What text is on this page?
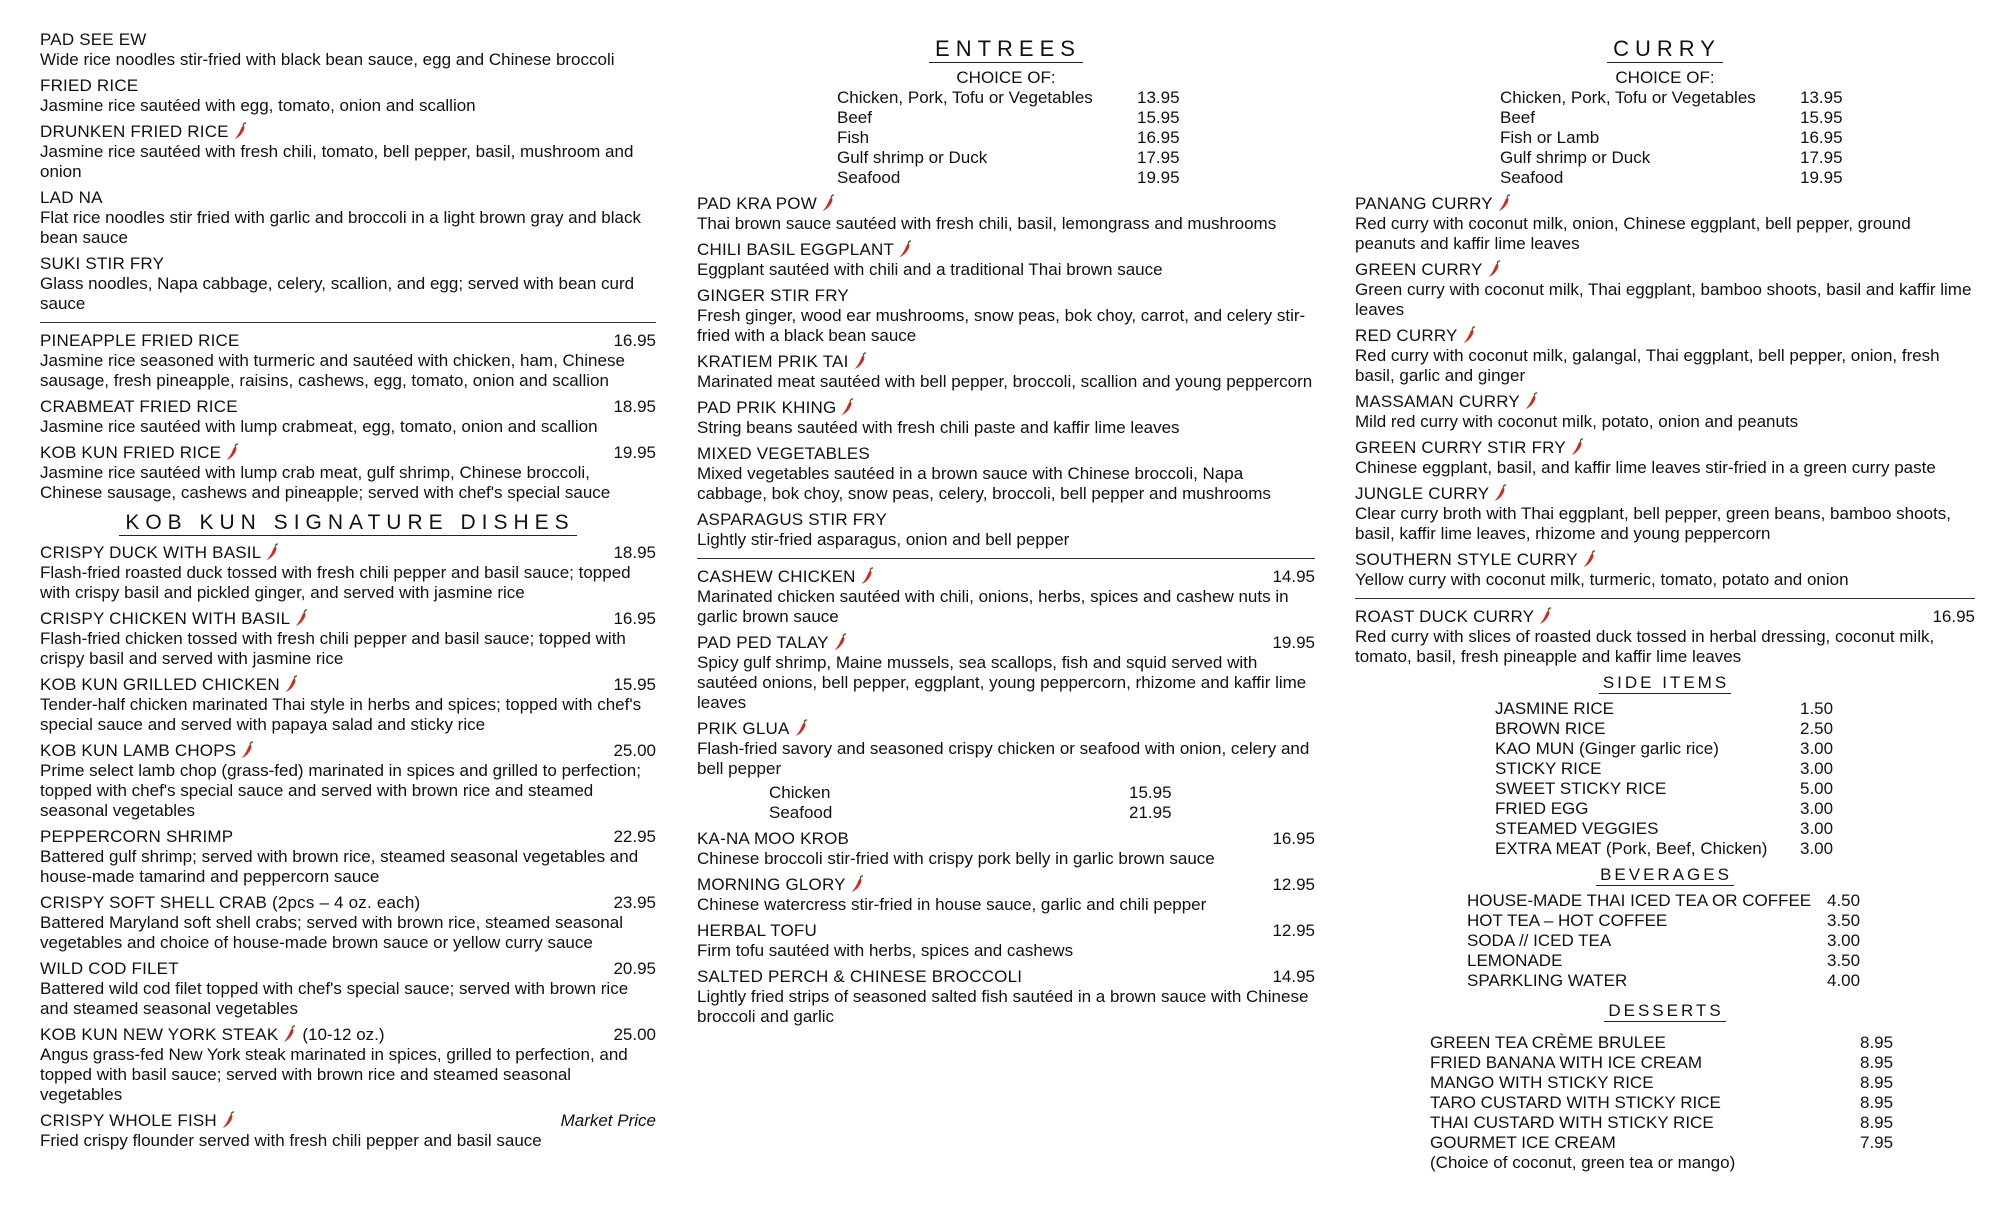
PAD SEE EW
Wide rice noodles stir-fried with black bean sauce, egg and Chinese broccoli
FRIED RICE
Jasmine rice sautéed with egg, tomato, onion and scallion
DRUNKEN FRIED RICE
Jasmine rice sautéed with fresh chili, tomato, bell pepper, basil, mushroom and onion
LAD NA
Flat rice noodles stir fried with garlic and broccoli in a light brown gray and black bean sauce
SUKI STIR FRY
Glass noodles, Napa cabbage, celery, scallion, and egg; served with bean curd sauce
PINEAPPLE FRIED RICE	16.95
Jasmine rice seasoned with turmeric and sautéed with chicken, ham, Chinese sausage, fresh pineapple, raisins, cashews, egg, tomato, onion and scallion
CRABMEAT FRIED RICE	18.95
Jasmine rice sautéed with lump crabmeat, egg, tomato, onion and scallion
KOB KUN FRIED RICE	19.95
Jasmine rice sautéed with lump crab meat, gulf shrimp, Chinese broccoli, Chinese sausage, cashews and pineapple; served with chef's special sauce
KOB KUN SIGNATURE DISHES
CRISPY DUCK WITH BASIL	18.95
Flash-fried roasted duck tossed with fresh chili pepper and basil sauce; topped with crispy basil and pickled ginger, and served with jasmine rice
CRISPY CHICKEN WITH BASIL	16.95
Flash-fried chicken tossed with fresh chili pepper and basil sauce; topped with crispy basil and served with jasmine rice
KOB KUN GRILLED CHICKEN	15.95
Tender-half chicken marinated Thai style in herbs and spices; topped with chef's special sauce and served with papaya salad and sticky rice
KOB KUN LAMB CHOPS	25.00
Prime select lamb chop (grass-fed) marinated in spices and grilled to perfection; topped with chef's special sauce and served with brown rice and steamed seasonal vegetables
PEPPERCORN SHRIMP	22.95
Battered gulf shrimp; served with brown rice, steamed seasonal vegetables and house-made tamarind and peppercorn sauce
CRISPY SOFT SHELL CRAB (2pcs – 4 oz. each)	23.95
Battered Maryland soft shell crabs; served with brown rice, steamed seasonal vegetables and choice of house-made brown sauce or yellow curry sauce
WILD COD FILET	20.95
Battered wild cod filet topped with chef's special sauce; served with brown rice and steamed seasonal vegetables
KOB KUN NEW YORK STEAK (10-12 oz.)	25.00
Angus grass-fed New York steak marinated in spices, grilled to perfection, and topped with basil sauce; served with brown rice and steamed seasonal vegetables
CRISPY WHOLE FISH	Market Price
Fried crispy flounder served with fresh chili pepper and basil sauce
ENTREES
CHOICE OF:
Chicken, Pork, Tofu or Vegetables	13.95
Beef	15.95
Fish	16.95
Gulf shrimp or Duck	17.95
Seafood	19.95
PAD KRA POW
Thai brown sauce sautéed with fresh chili, basil, lemongrass and mushrooms
CHILI BASIL EGGPLANT
Eggplant sautéed with chili and a traditional Thai brown sauce
GINGER STIR FRY
Fresh ginger, wood ear mushrooms, snow peas, bok choy, carrot, and celery stir-fried with a black bean sauce
KRATIEM PRIK TAI
Marinated meat sautéed with bell pepper, broccoli, scallion and young peppercorn
PAD PRIK KHING
String beans sautéed with fresh chili paste and kaffir lime leaves
MIXED VEGETABLES
Mixed vegetables sautéed in a brown sauce with Chinese broccoli, Napa cabbage, bok choy, snow peas, celery, broccoli, bell pepper and mushrooms
ASPARAGUS STIR FRY
Lightly stir-fried asparagus, onion and bell pepper
CASHEW CHICKEN	14.95
Marinated chicken sautéed with chili, onions, herbs, spices and cashew nuts in garlic brown sauce
PAD PED TALAY	19.95
Spicy gulf shrimp, Maine mussels, sea scallops, fish and squid served with sautéed onions, bell pepper, eggplant, young peppercorn, rhizome and kaffir lime leaves
PRIK GLUA
Flash-fried savory and seasoned crispy chicken or seafood with onion, celery and bell pepper
Chicken	15.95
Seafood	21.95
KA-NA MOO KROB	16.95
Chinese broccoli stir-fried with crispy pork belly in garlic brown sauce
MORNING GLORY	12.95
Chinese watercress stir-fried in house sauce, garlic and chili pepper
HERBAL TOFU	12.95
Firm tofu sautéed with herbs, spices and cashews
SALTED PERCH & CHINESE BROCCOLI	14.95
Lightly fried strips of seasoned salted fish sautéed in a brown sauce with Chinese broccoli and garlic
CURRY
CHOICE OF:
Chicken, Pork, Tofu or Vegetables	13.95
Beef	15.95
Fish or Lamb	16.95
Gulf shrimp or Duck	17.95
Seafood	19.95
PANANG CURRY
Red curry with coconut milk, onion, Chinese eggplant, bell pepper, ground peanuts and kaffir lime leaves
GREEN CURRY
Green curry with coconut milk, Thai eggplant, bamboo shoots, basil and kaffir lime leaves
RED CURRY
Red curry with coconut milk, galangal, Thai eggplant, bell pepper, onion, fresh basil, garlic and ginger
MASSAMAN CURRY
Mild red curry with coconut milk, potato, onion and peanuts
GREEN CURRY STIR FRY
Chinese eggplant, basil, and kaffir lime leaves stir-fried in a green curry paste
JUNGLE CURRY
Clear curry broth with Thai eggplant, bell pepper, green beans, bamboo shoots, basil, kaffir lime leaves, rhizome and young peppercorn
SOUTHERN STYLE CURRY
Yellow curry with coconut milk, turmeric, tomato, potato and onion
ROAST DUCK CURRY	16.95
Red curry with slices of roasted duck tossed in herbal dressing, coconut milk, tomato, basil, fresh pineapple and kaffir lime leaves
SIDE ITEMS
JASMINE RICE	1.50
BROWN RICE	2.50
KAO MUN (Ginger garlic rice)	3.00
STICKY RICE	3.00
SWEET STICKY RICE	5.00
FRIED EGG	3.00
STEAMED VEGGIES	3.00
EXTRA MEAT (Pork, Beef, Chicken)	3.00
BEVERAGES
HOUSE-MADE THAI ICED TEA OR COFFEE 4.50
HOT TEA – HOT COFFEE	3.50
SODA // ICED TEA	3.00
LEMONADE	3.50
SPARKLING WATER	4.00
DESSERTS
GREEN TEA CRÈME BRULEE	8.95
FRIED BANANA WITH ICE CREAM	8.95
MANGO WITH STICKY RICE	8.95
TARO CUSTARD WITH STICKY RICE	8.95
THAI CUSTARD WITH STICKY RICE	8.95
GOURMET ICE CREAM	7.95
(Choice of coconut, green tea or mango)
